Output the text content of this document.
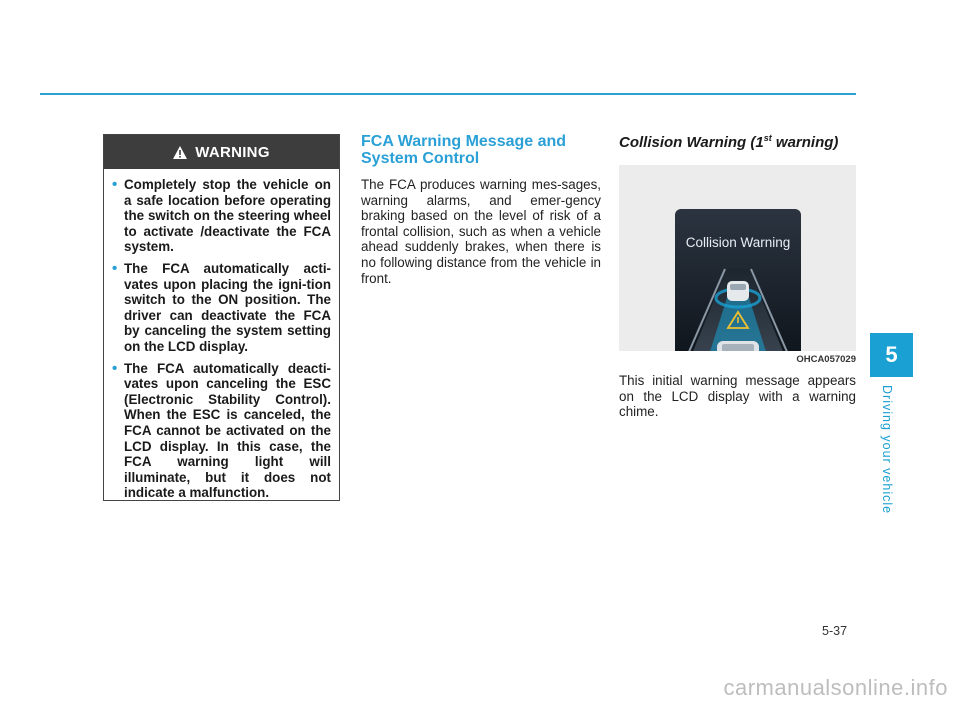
WARNING
• Completely stop the vehicle on a safe location before operating the switch on the steering wheel to activate /deactivate the FCA system.
• The FCA automatically acti-vates upon placing the igni-tion switch to the ON position. The driver can deactivate the FCA by canceling the system setting on the LCD display.
• The FCA automatically deacti-vates upon canceling the ESC (Electronic Stability Control). When the ESC is canceled, the FCA cannot be activated on the LCD display. In this case, the FCA warning light will illuminate, but it does not indicate a malfunction.
FCA Warning Message and System Control

The FCA produces warning mes-sages, warning alarms, and emer-gency braking based on the level of risk of a frontal collision, such as when a vehicle ahead suddenly brakes, when there is no following distance from the vehicle in front.

Collision Warning (1st warning)
Collision Warning
OHCA057029

This initial warning message appears on the LCD display with a warning chime.

5
Driving your vehicle
5-37
carmanualsonline.info
